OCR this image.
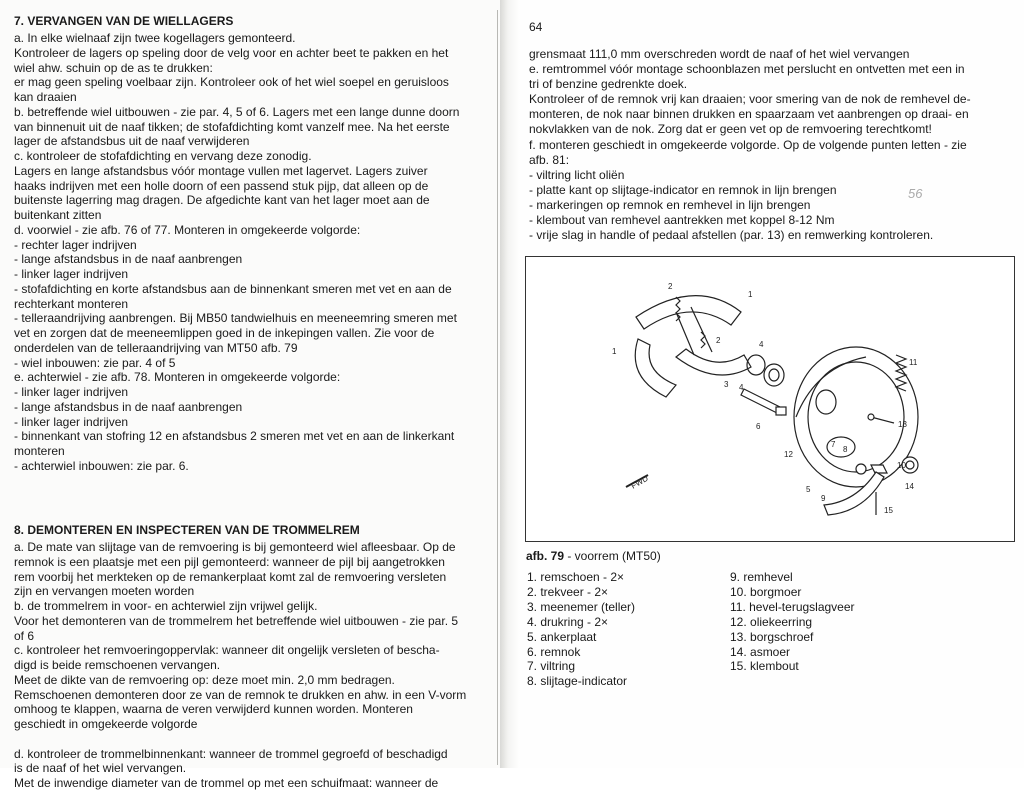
7. VERVANGEN VAN DE WIELLAGERS
a. In elke wielnaaf zijn twee kogellagers gemonteerd.
Kontroleer de lagers op speling door de velg voor en achter beet te pakken en het
wiel ahw. schuin op de as te drukken:
er mag geen speling voelbaar zijn. Kontroleer ook of het wiel soepel en geruisloos
kan draaien
b. betreffende wiel uitbouwen - zie par. 4, 5 of 6. Lagers met een lange dunne doorn
van binnenuit uit de naaf tikken; de stofafdichting komt vanzelf mee. Na het eerste
lager de afstandsbus uit de naaf verwijderen
c. kontroleer de stofafdichting en vervang deze zonodig.
Lagers en lange afstandsbus vóór montage vullen met lagervet. Lagers zuiver
haaks indrijven met een holle doorn of een passend stuk pijp, dat alleen op de
buitenste lagerring mag dragen. De afgedichte kant van het lager moet aan de
buitenkant zitten
d. voorwiel - zie afb. 76 of 77. Monteren in omgekeerde volgorde:
- rechter lager indrijven
- lange afstandsbus in de naaf aanbrengen
- linker lager indrijven
- stofafdichting en korte afstandsbus aan de binnenkant smeren met vet en aan de
rechterkant monteren
- telleraandrijving aanbrengen. Bij MB50 tandwielhuis en meeneemring smeren met
vet en zorgen dat de meeneemlippen goed in de inkepingen vallen. Zie voor de
onderdelen van de telleraandrijving van MT50 afb. 79
- wiel inbouwen: zie par. 4 of 5
e. achterwiel - zie afb. 78. Monteren in omgekeerde volgorde:
- linker lager indrijven
- lange afstandsbus in de naaf aanbrengen
- linker lager indrijven
- binnenkant van stofring 12 en afstandsbus 2 smeren met vet en aan de linkerkant
monteren
- achterwiel inbouwen: zie par. 6.
8. DEMONTEREN EN INSPECTEREN VAN DE TROMMELREM
a. De mate van slijtage van de remvoering is bij gemonteerd wiel afleesbaar. Op de
remnok is een plaatsje met een pijl gemonteerd: wanneer de pijl bij aangetrokken
rem voorbij het merkteken op de remankerplaat komt zal de remvoering versleten
zijn en vervangen moeten worden
b. de trommelrem in voor- en achterwiel zijn vrijwel gelijk.
Voor het demonteren van de trommelrem het betreffende wiel uitbouwen - zie par. 5
of 6
c. kontroleer het remvoeringoppervlak: wanneer dit ongelijk versleten of bescha-
digd is beide remschoenen vervangen.
Meet de dikte van de remvoering op: deze moet min. 2,0 mm bedragen.
Remschoenen demonteren door ze van de remnok te drukken en ahw. in een V-vorm
omhoog te klappen, waarna de veren verwijderd kunnen worden. Monteren
geschiedt in omgekeerde volgorde
d. kontroleer de trommelbinnenkant: wanneer de trommel gegroefd of beschadigd
is de naaf of het wiel vervangen.
Met de inwendige diameter van de trommel op met een schuifmaat: wanneer de
64
grensmaat 111,0 mm overschreden wordt de naaf of het wiel vervangen
e. remtrommel vóór montage schoonblazen met perslucht en ontvetten met een in
tri of benzine gedrenkte doek.
Kontroleer of de remnok vrij kan draaien; voor smering van de nok de remhevel de-
monteren, de nok naar binnen drukken en spaarzaam vet aanbrengen op draai- en
nokvlakken van de nok. Zorg dat er geen vet op de remvoering terechtkomt!
f. monteren geschiedt in omgekeerde volgorde. Op de volgende punten letten - zie
afb. 81:
- viltring licht oliën
- platte kant op slijtage-indicator en remnok in lijn brengen
- markeringen op remnok en remhevel in lijn brengen
- klembout van remhevel aantrekken met koppel 8-12 Nm
- vrije slag in handle of pedaal afstellen (par. 13) en remwerking kontroleren.
56
2
1
1
2	4
3 4
6
11
13
7
8
12
10
14
5
9
15
FWD
afb. 79 - voorrem (MT50)
1. remschoen - 2×
2. trekveer - 2×
3. meenemer (teller)
4. drukring - 2×
5. ankerplaat
6. remnok
7. viltring
8. slijtage-indicator
9. remhevel
10. borgmoer
11. hevel-terugslagveer
12. oliekeerring
13. borgschroef
14. asmoer
15. klembout
